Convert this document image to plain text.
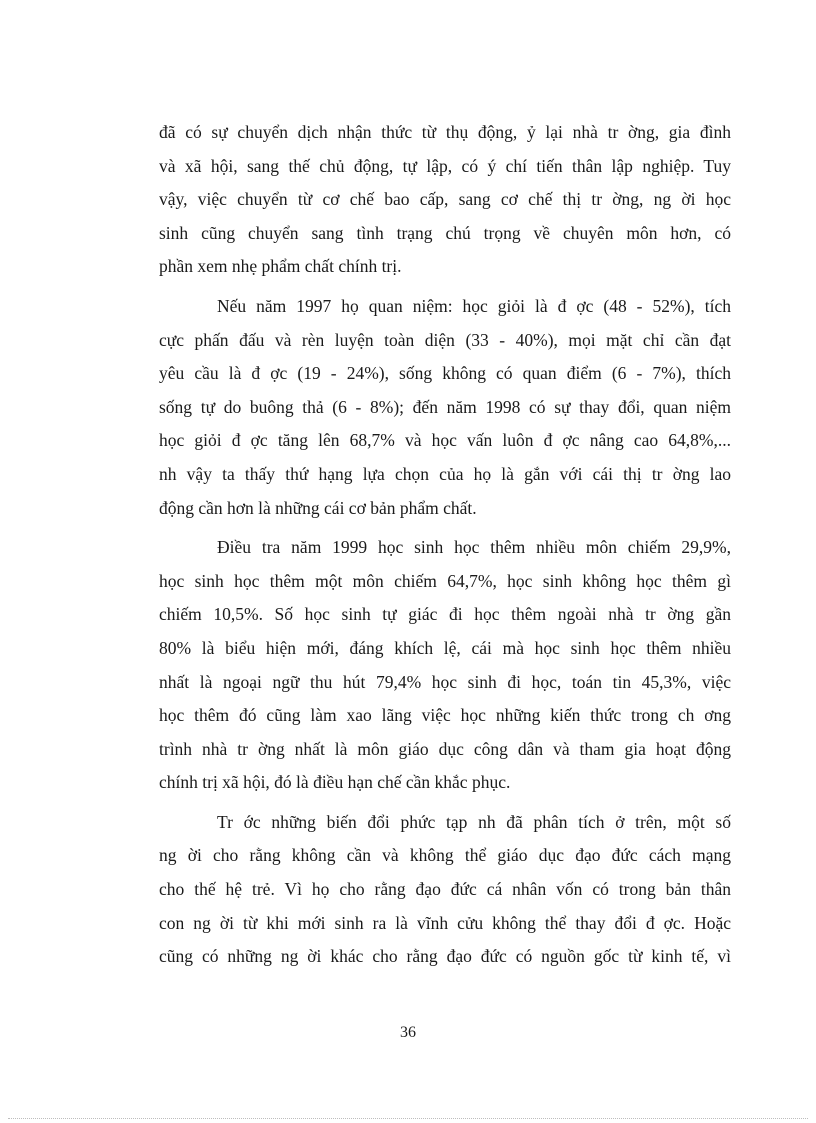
đã có sự chuyển dịch nhận thức từ thụ động, ỷ lại nhà tr ờng, gia đình
và xã hội, sang thế chủ động, tự lập, có ý chí tiến thân lập nghiệp. Tuy
vậy, việc chuyển từ cơ chế bao cấp, sang cơ chế thị tr ờng, ng ời học
sinh cũng chuyển sang tình trạng chú trọng về chuyên môn hơn, có
phần xem nhẹ phẩm chất chính trị.
Nếu năm 1997 họ quan niệm: học giỏi là đ ợc (48 - 52%), tích
cực phấn đấu và rèn luyện toàn diện (33 - 40%), mọi mặt chỉ cần đạt
yêu cầu là đ ợc (19 - 24%), sống không có quan điểm (6 - 7%), thích
sống tự do buông thả (6 - 8%); đến năm 1998 có sự thay đổi, quan niệm
học giỏi đ ợc tăng lên 68,7% và học vấn luôn đ ợc nâng cao 64,8%,...
nh vậy ta thấy thứ hạng lựa chọn của họ là gắn với cái thị tr ờng lao
động cần hơn là những cái cơ bản phẩm chất.
Điều tra năm 1999 học sinh học thêm nhiều môn chiếm 29,9%,
học sinh học thêm một môn chiếm 64,7%, học sinh không học thêm gì
chiếm 10,5%. Số học sinh tự giác đi học thêm ngoài nhà tr ờng gần
80% là biểu hiện mới, đáng khích lệ, cái mà học sinh học thêm nhiều
nhất là ngoại ngữ thu hút 79,4% học sinh đi học, toán tin 45,3%, việc
học thêm đó cũng làm xao lãng việc học những kiến thức trong ch ơng
trình nhà tr ờng nhất là môn giáo dục công dân và tham gia hoạt động
chính trị xã hội, đó là điều hạn chế cần khắc phục.
Tr ớc những biến đổi phức tạp nh đã phân tích ở trên, một số
ng ời cho rằng không cần và không thể giáo dục đạo đức cách mạng
cho thế hệ trẻ. Vì họ cho rằng đạo đức cá nhân vốn có trong bản thân
con ng ời từ khi mới sinh ra là vĩnh cửu không thể thay đổi đ ợc. Hoặc
cũng có những ng ời khác cho rằng đạo đức có nguồn gốc từ kinh tế, vì
36
